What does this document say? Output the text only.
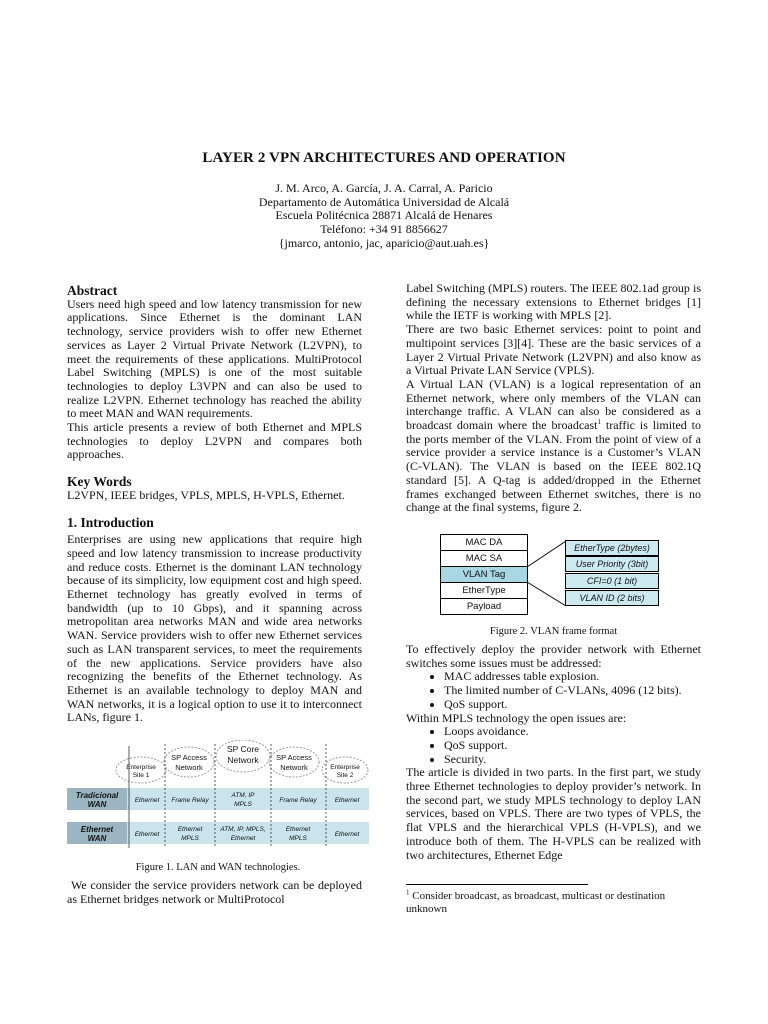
LAYER 2 VPN ARCHITECTURES AND OPERATION
J. M. Arco, A. García, J. A. Carral, A. Paricio
Departamento de Automática Universidad de Alcalá
Escuela Politécnica 28871 Alcalá de Henares
Teléfono: +34 91 8856627
{jmarco, antonio, jac, aparicio@aut.uah.es}
Abstract

Users need high speed and low latency transmission for new applications. Since Ethernet is the dominant LAN technology, service providers wish to offer new Ethernet services as Layer 2 Virtual Private Network (L2VPN), to meet the requirements of these applications. MultiProtocol Label Switching (MPLS) is one of the most suitable technologies to deploy L3VPN and can also be used to realize L2VPN. Ethernet technology has reached the ability to meet MAN and WAN requirements.

This article presents a review of both Ethernet and MPLS technologies to deploy L2VPN and compares both approaches.

Key Words

L2VPN, IEEE bridges, VPLS, MPLS, H-VPLS, Ethernet.

1. Introduction

Enterprises are using new applications that require high speed and low latency transmission to increase productivity and reduce costs. Ethernet is the dominant LAN technology because of its simplicity, low equipment cost and high speed. Ethernet technology has greatly evolved in terms of bandwidth (up to 10 Gbps), and it spanning across metropolitan area networks MAN and wide area networks WAN. Service providers wish to offer new Ethernet services such as LAN transparent services, to meet the requirements of the new applications. Service providers have also recognizing the benefits of the Ethernet technology. As Ethernet is an available technology to deploy MAN and WAN networks, it is a logical option to use it to interconnect LANs, figure 1.

Enterprise
Site 1
SP Access
Network
SP Core
Network SP Access
Network	Enterprise
Site 2
Tradicional
WAN
Ethernet
WAN
Ethernet Frame Relay
ATM, IP
MPLS
Frame Relay	Ethernet
Ethernet
Ethernet
MPLS
ATM, IP, MPLS,
Ethernet
Ethernet
MPLS
Ethernet
Figure 1. LAN and WAN technologies.

We consider the service providers network can be deployed as Ethernet bridges network or MultiProtocol

Label Switching (MPLS) routers. The IEEE 802.1ad group is defining the necessary extensions to Ethernet bridges [1] while the IETF is working with MPLS [2].

There are two basic Ethernet services: point to point and multipoint services [3][4]. These are the basic services of a Layer 2 Virtual Private Network (L2VPN) and also know as a Virtual Private LAN Service (VPLS).

A Virtual LAN (VLAN) is a logical representation of an Ethernet network, where only members of the VLAN can interchange traffic. A VLAN can also be considered as a broadcast domain where the broadcast$^1$ traffic is limited to the ports member of the VLAN. From the point of view of a service provider a service instance is a Customer’s VLAN (C-VLAN). The VLAN is based on the IEEE 802.1Q standard [5]. A Q-tag is added/dropped in the Ethernet frames exchanged between Ethernet switches, there is no change at the final systems, figure 2.

MAC DA
MAC SA
VLAN Tag
EtherType
Payload
EtherType (2bytes)
User Priority (3bit)
CFI=0 (1 bit)
VLAN ID (2 bits)
Figure 2. VLAN frame format

To effectively deploy the provider network with Ethernet switches some issues must be addressed:

• MAC addresses table explosion.
• The limited number of C-VLANs, 4096 (12 bits).
• QoS support.

Within MPLS technology the open issues are:

• Loops avoidance.
• QoS support.
• Security.

The article is divided in two parts. In the first part, we study three Ethernet technologies to deploy provider’s network. In the second part, we study MPLS technology to deploy LAN services, based on VPLS. There are two types of VPLS, the flat VPLS and the hierarchical VPLS (H-VPLS), and we introduce both of them. The H-VPLS can be realized with two architectures, Ethernet Edge

$^1$ Consider broadcast, as broadcast, multicast or destination unknown
